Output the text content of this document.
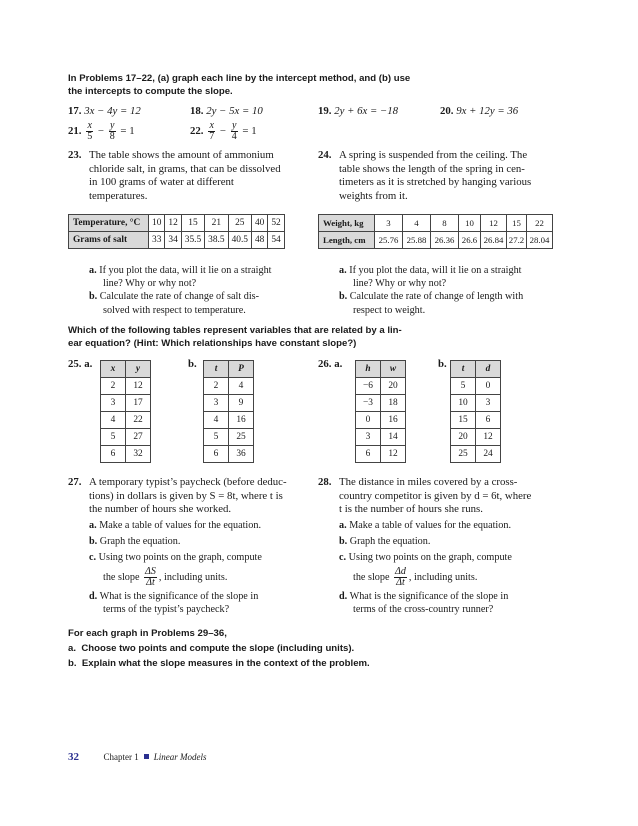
In Problems 17–22, (a) graph each line by the intercept method, and (b) use
the intercepts to compute the slope.
17. 3x − 4y = 12	18. 2y − 5x = 10	19. 2y + 6x = −18	20. 9x + 12y = 36
21. $\frac{x}{5} - \frac{y}{8} = 1$	22. $\frac{x}{7} - \frac{y}{4} = 1$
23. The table shows the amount of ammonium
chloride salt, in grams, that can be dissolved
in 100 grams of water at different
temperatures.
24. A spring is suspended from the ceiling. The
table shows the length of the spring in cen-
timeters as it is stretched by hanging various
weights from it.
Temperature, °C	10	12	15	21	25	40	52
Grams of salt	33	34	35.5	38.5	40.5	48	54
Weight, kg	3	4	8	10	12	15	22
Length, cm	25.76	25.88	26.36	26.6	26.84	27.2	28.04
a. If you plot the data, will it lie on a straight
line? Why or why not?
b. Calculate the rate of change of salt dis-
solved with respect to temperature.
a. If you plot the data, will it lie on a straight
line? Why or why not?
b. Calculate the rate of change of length with
respect to weight.
Which of the following tables represent variables that are related by a lin-
ear equation? (Hint: Which relationships have constant slope?)
25. a. x	y
2	12
3	17
4	22
5	27
6	32
b. t	P
2	4
3	9
4	16
5	25
6	36
26. a. h	w
−6	20
−3	18
0	16
3	14
6	12
b. t	d
5	0
10	3
15	6
20	12
25	24
27. A temporary typist’s paycheck (before deduc-
tions) in dollars is given by S = 8t, where t is
the number of hours she worked.
a. Make a table of values for the equation.
b. Graph the equation.
c. Using two points on the graph, compute
the slope $\frac{\Delta S}{\Delta t}$ , including units.
d. What is the significance of the slope in
terms of the typist’s paycheck?
28. The distance in miles covered by a cross-
country competitor is given by d = 6t, where
t is the number of hours she runs.
a. Make a table of values for the equation.
b. Graph the equation.
c. Using two points on the graph, compute
the slope $\frac{\Delta d}{\Delta t}$ , including units.
d. What is the significance of the slope in
terms of the cross-country runner?
For each graph in Problems 29–36,
a.  Choose two points and compute the slope (including units).
b.  Explain what the slope measures in the context of the problem.
32	Chapter 1 Linear Models
